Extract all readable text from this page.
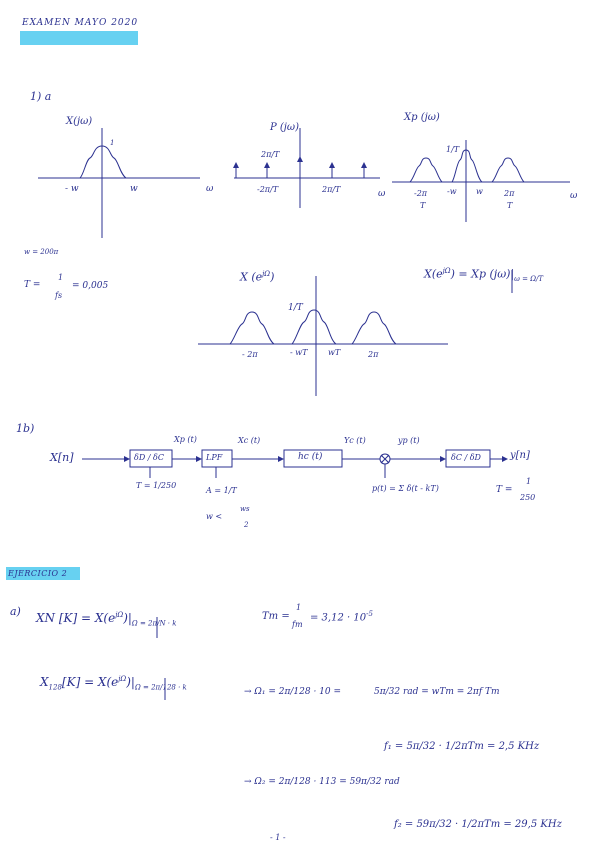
EXAMEN MAYO 2020
1) a
X(jω)
1
- w	w	ω
P (jω)
2π/T
-2π/T	2π/T	ω
Xp (jω)
1/T
-2π
T
-w w	2π
T
ω
w = 200π
T =
1
fs
= 0,005
$X(e^{j\Omega}) = Xp$ $(j\omega)|_{\omega = \Omega/T}$
X $(e^{j\Omega})$
1/T
- 2π	- wT	wT	2π
1b)
X[n]	δD / δC	LPF	hc (t)	δC / δD	y[n]
Xp (t)	Xc (t)	Yc (t)	yp (t)
T = 1/250
A = 1/T
w <
ws
2
p(t) = Σ δ(t - kT)	T =
1
250
EJERCICIO 2
a) XN $[K] = X(e^{j\Omega})|_{\Omega = 2\pi/N \cdot k}$
Tm =
1
fm
= $3,12 \cdot 10^{-5}$
$X_{128}[K] = X(e^{j\Omega})|_{\Omega = 2\pi/128 \cdot k}$	→ Ω₁ = 2π/128 · 10 =	5π/32 rad = wTm = 2πf Tm
f₁ = 5π/32 · 1/2πTm = 2,5 KHz
→ Ω₂ = 2π/128 · 113 = 59π/32 rad
f₂ = 59π/32 · 1/2πTm = 29,5 KHz
- 1 -
